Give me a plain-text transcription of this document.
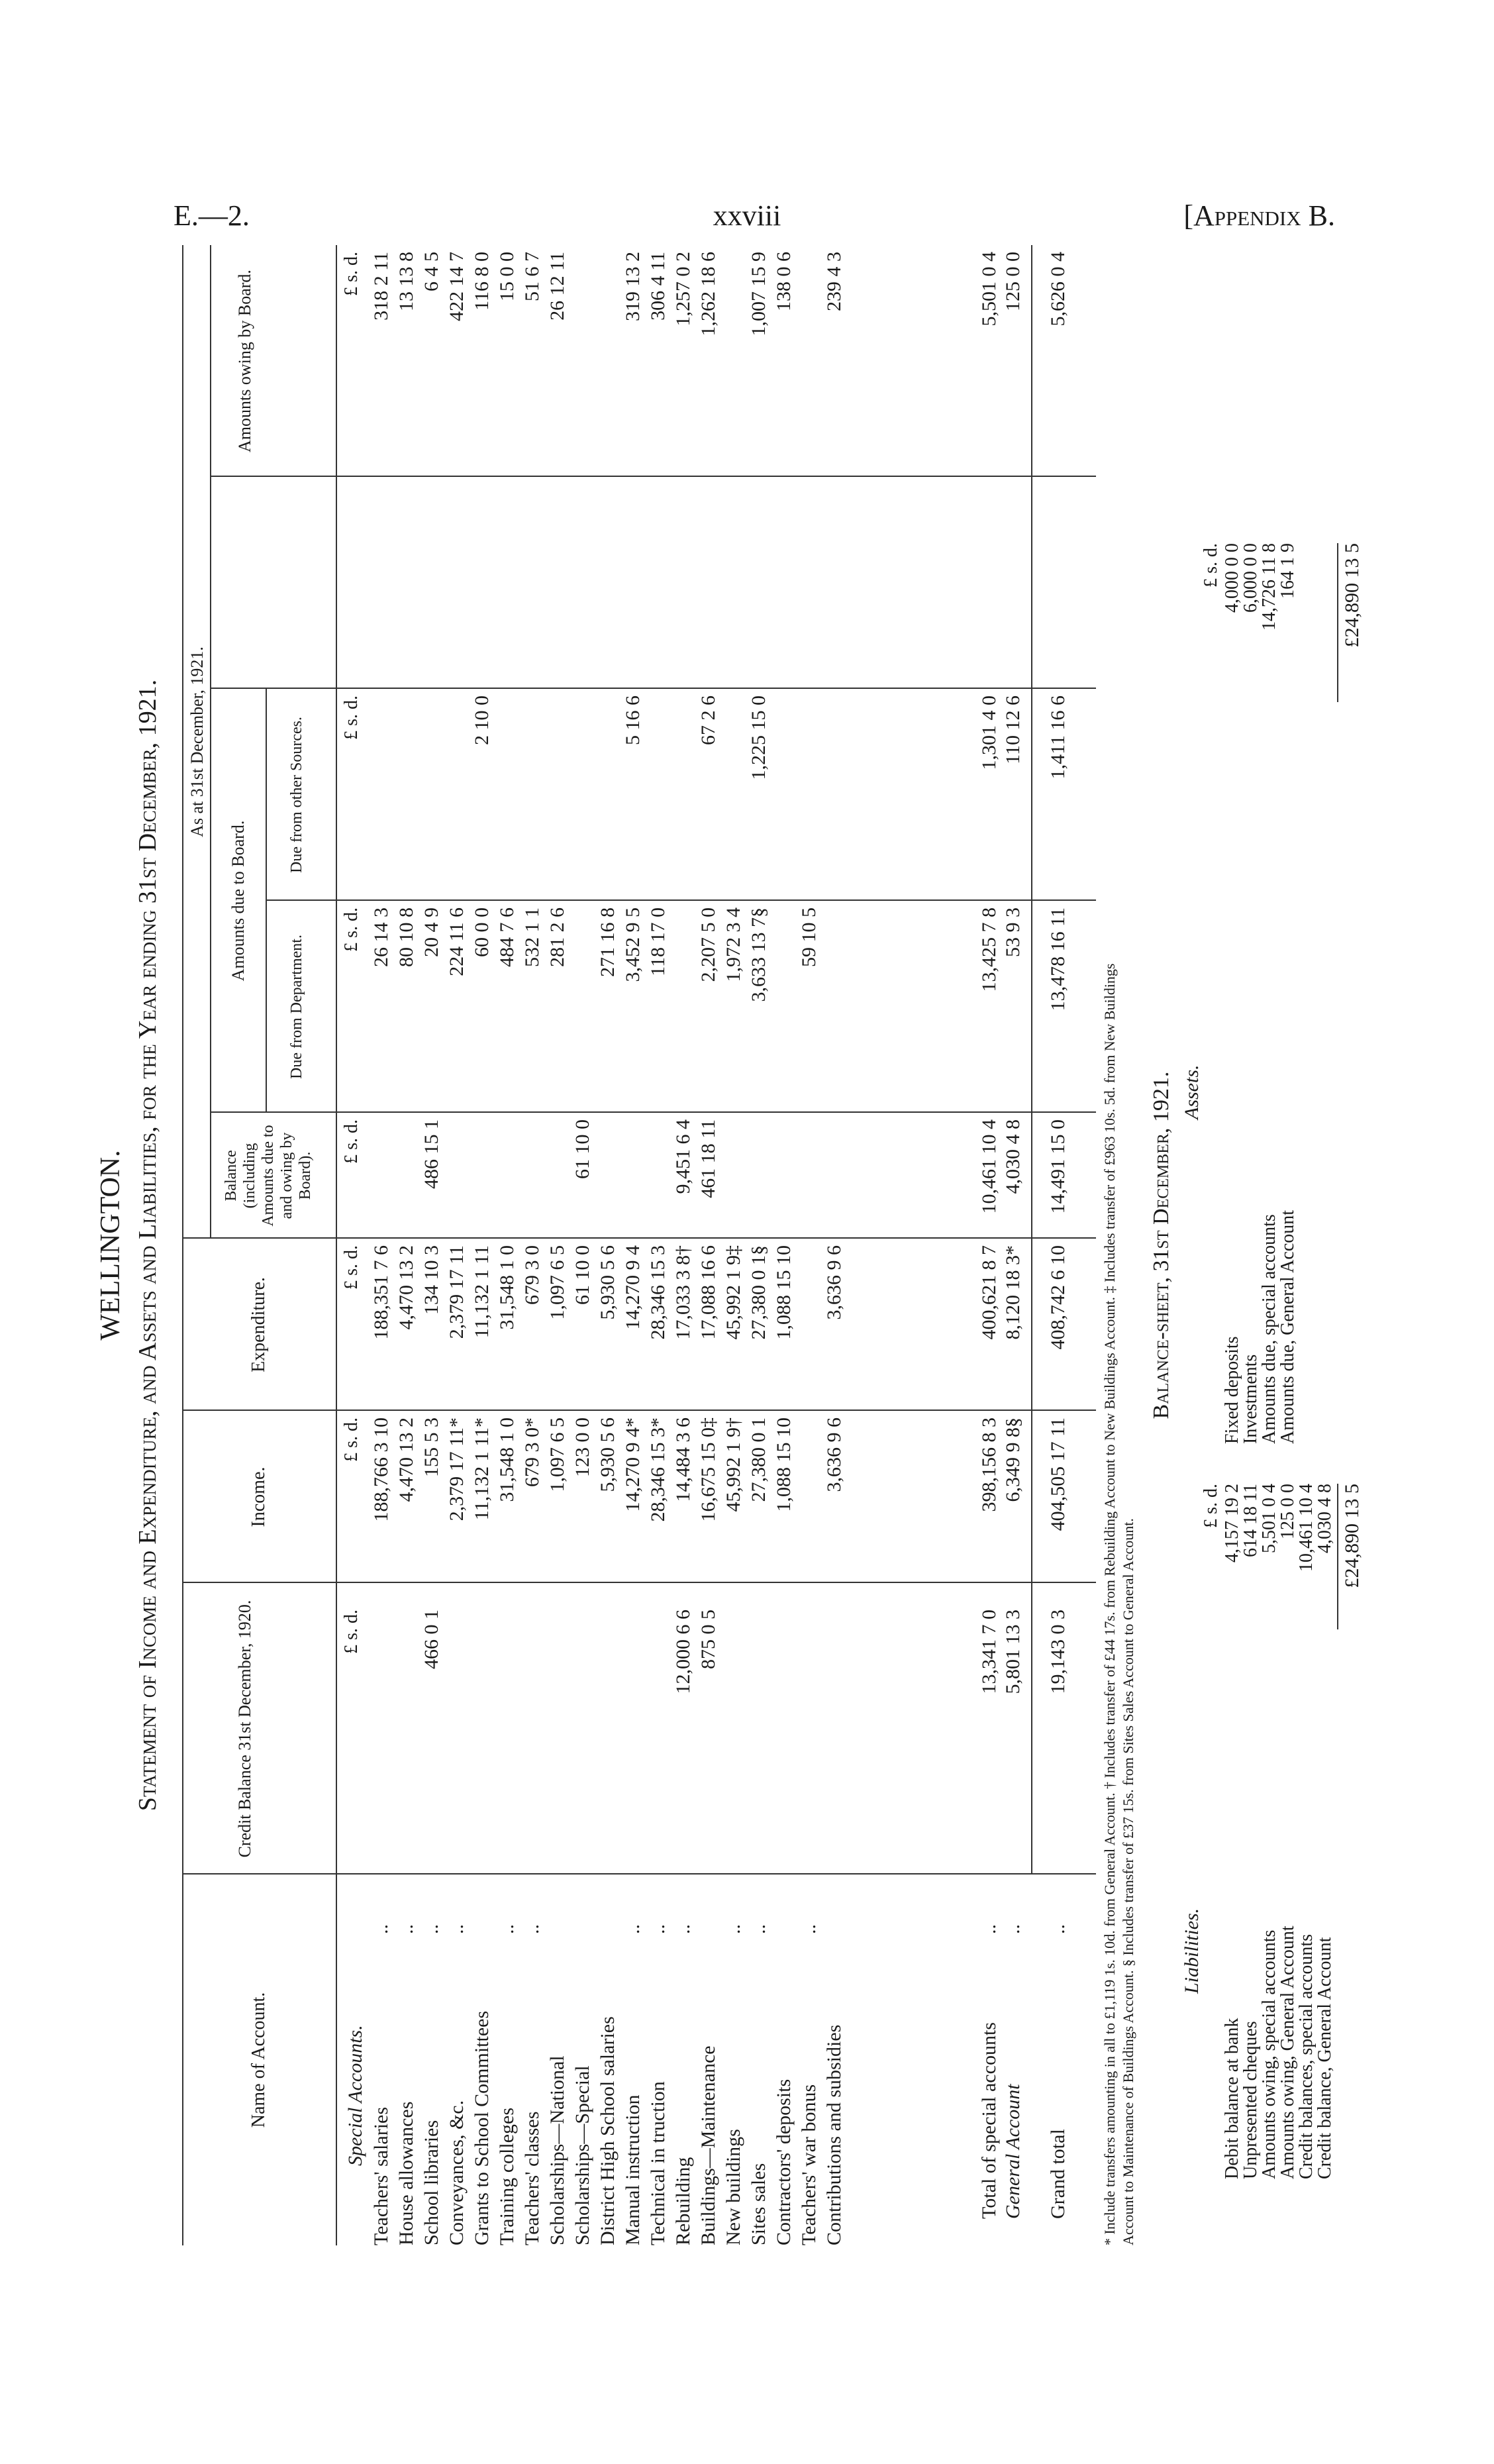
E.—2.	xxviii	[Appendix B.
WELLINGTON. Statement of Income and Expenditure, and Assets and Liabilities, for the Year ending 31st December, 1921.
Name of Account.
Credit Balance 31st December, 1920.
Income.
Expenditure.
Balance (including Amounts due to and owing by Board).
As at 31st December, 1921.
Amounts due to Board.
Due from Department.
Due from other Sources.
Amounts owing by Board.
£ s. d.
£ s. d.
£ s. d.
£ s. d.
£ s. d.
£ s. d.
£ s. d.
Special Accounts.
Teachers' salaries
..
188,766 3 10
188,351 7 6
26 14 3
318 2 11
House allowances
..
4,470 13 2
4,470 13 2
80 10 8
13 13 8
School libraries
..
466 0 1
155 5 3
134 10 3
486 15 1
20 4 9
6 4 5
Conveyances, &c.
..
2,379 17 11*
2,379 17 11
224 11 6
422 14 7
Grants to School Committees
11,132 1 11*
11,132 1 11
60 0 0
2 10 0
116 8 0
Training colleges
..
31,548 1 0
31,548 1 0
484 7 6
15 0 0
Teachers' classes
..
679 3 0*
679 3 0
532 1 1
51 6 7
Scholarships—National
1,097 6 5
1,097 6 5
281 2 6
26 12 11
Scholarships—Special
123 0 0
61 10 0
61 10 0
District High School salaries
5,930 5 6
5,930 5 6
271 16 8
Manual instruction
..
14,270 9 4*
14,270 9 4
3,452 9 5
5 16 6
319 13 2
Technical in truction
..
28,346 15 3*
28,346 15 3
118 17 0
306 4 11
Rebuilding
..
12,000 6 6
14,484 3 6
17,033 3 8†
9,451 6 4
1,257 0 2
Buildings—Maintenance
875 0 5
16,675 15 0‡
17,088 16 6
461 18 11
2,207 5 0
67 2 6
1,262 18 6
New buildings
..
45,992 1 9†
45,992 1 9‡
1,972 3 4
Sites sales
..
27,380 0 1
27,380 0 1§
3,633 13 7§
1,225 15 0
1,007 15 9
Contractors' deposits
1,088 15 10
1,088 15 10
138 0 6
Teachers' war bonus
..
59 10 5
Contributions and subsidies
3,636 9 6
3,636 9 6
239 4 3
Total of special accounts
..
13,341 7 0
398,156 8 3
400,621 8 7
10,461 10 4
13,425 7 8
1,301 4 0
5,501 0 4
General Account
..
5,801 13 3
6,349 9 8§
8,120 18 3*
4,030 4 8
53 9 3
110 12 6
125 0 0
Grand total
..
19,143 0 3
404,505 17 11
408,742 6 10
14,491 15 0
13,478 16 11
1,411 16 6
5,626 0 4
* Include transfers amounting in all to £1,119 1s. 10d. from General Account. † Includes transfer of £44 17s. from Rebuilding Account to New Buildings Account. ‡ Includes transfer of £963 10s. 5d. from New Buildings Account to Maintenance of Buildings Account. § Includes transfer of £37 15s. from Sites Sales Account to General Account.
Balance-sheet, 31st December, 1921.
Liabilities.
Assets.
£ s. d.
£ s. d.
Debit balance at bank
4,157 19 2
Unpresented cheques
614 18 11
Amounts owing, special accounts
5,501 0 4
Amounts owing, General Account
125 0 0
Credit balances, special accounts
10,461 10 4
Credit balance, General Account
4,030 4 8
Fixed deposits
4,000 0 0
Investments
6,000 0 0
Amounts due, special accounts
14,726 11 8
Amounts due, General Account
164 1 9
£24,890 13 5
£24,890 13 5
